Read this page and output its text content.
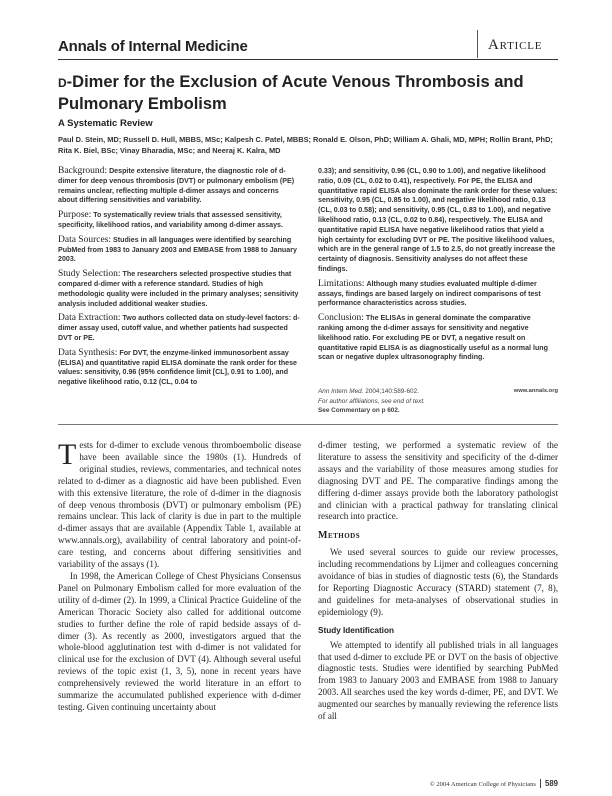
Annals of Internal Medicine	Article
d-Dimer for the Exclusion of Acute Venous Thrombosis and Pulmonary Embolism
A Systematic Review
Paul D. Stein, MD; Russell D. Hull, MBBS, MSc; Kalpesh C. Patel, MBBS; Ronald E. Olson, PhD; William A. Ghali, MD, MPH; Rollin Brant, PhD; Rita K. Biel, BSc; Vinay Bharadia, MSc; and Neeraj K. Kalra, MD

Background: Despite extensive literature, the diagnostic role of d-dimer for deep venous thrombosis (DVT) or pulmonary embolism (PE) remains unclear, reflecting multiple d-dimer assays and concerns about differing sensitivities and variability.

Purpose: To systematically review trials that assessed sensitivity, specificity, likelihood ratios, and variability among d-dimer assays.

Data Sources: Studies in all languages were identified by searching PubMed from 1983 to January 2003 and EMBASE from 1988 to January 2003.

Study Selection: The researchers selected prospective studies that compared d-dimer with a reference standard. Studies of high methodologic quality were included in the primary analyses; sensitivity analysis included additional weaker studies.

Data Extraction: Two authors collected data on study-level factors: d-dimer assay used, cutoff value, and whether patients had suspected DVT or PE.

Data Synthesis: For DVT, the enzyme-linked immunosorbent assay (ELISA) and quantitative rapid ELISA dominate the rank order for these values: sensitivity, 0.96 (95% confidence limit [CL], 0.91 to 1.00), and negative likelihood ratio, 0.12 (CL, 0.04 to

0.33); and sensitivity, 0.96 (CL, 0.90 to 1.00), and negative likelihood ratio, 0.09 (CL, 0.02 to 0.41), respectively. For PE, the ELISA and quantitative rapid ELISA also dominate the rank order for these values: sensitivity, 0.95 (CL, 0.85 to 1.00), and negative likelihood ratio, 0.13 (CL, 0.03 to 0.58); and sensitivity, 0.95 (CL, 0.83 to 1.00), and negative likelihood ratio, 0.13 (CL, 0.02 to 0.84), respectively. The ELISA and quantitative rapid ELISA have negative likelihood ratios that yield a high certainty for excluding DVT or PE. The positive likelihood values, which are in the general range of 1.5 to 2.5, do not greatly increase the certainty of diagnosis. Sensitivity analyses do not affect these findings.

Limitations: Although many studies evaluated multiple d-dimer assays, findings are based largely on indirect comparisons of test performance characteristics across studies.

Conclusion: The ELISAs in general dominate the comparative ranking among the d-dimer assays for sensitivity and negative likelihood ratio. For excluding PE or DVT, a negative result on quantitative rapid ELISA is as diagnostically useful as a normal lung scan or negative duplex ultrasonography finding.

Ann Intern Med. 2004;140:589-602.	www.annals.org
For author affiliations, see end of text.
See Commentary on p 602.

Tests for d-dimer to exclude venous thromboembolic disease have been available since the 1980s (1). Hundreds of original studies, reviews, commentaries, and technical notes related to d-dimer as a diagnostic aid have been published. Even with this extensive literature, the role of d-dimer in the diagnosis of deep venous thrombosis (DVT) or pulmonary embolism (PE) remains unclear. This lack of clarity is due in part to the multiple d-dimer assays that are available (Appendix Table 1, available at www.annals.org), availability of central laboratory and point-of-care testing, and concerns about differing sensitivities and variability of the assays (1).

In 1998, the American College of Chest Physicians Consensus Panel on Pulmonary Embolism called for more evaluation of the utility of d-dimer (2). In 1999, a Clinical Practice Guideline of the American Thoracic Society also called for additional outcome studies to further define the role of rapid bedside assays of d-dimer (3). As recently as 2000, investigators argued that the whole-blood agglutination test with d-dimer is not validated for clinical use for the exclusion of DVT (4). Although several useful reviews of the topic exist (1, 3, 5), none in recent years have comprehensively reviewed the world literature in an effort to summarize the accumulated published experience with d-dimer testing. Given continuing uncertainty about

d-dimer testing, we performed a systematic review of the literature to assess the sensitivity and specificity of the d-dimer assays and the variability of those measures among studies for diagnosing DVT and PE. The comparative findings among the differing d-dimer assays provide both the laboratory pathologist and clinician with a practical pathway for translating clinical research into practice.

Methods

We used several sources to guide our review processes, including recommendations by Lijmer and colleagues concerning avoidance of bias in studies of diagnostic tests (6), the Standards for Reporting Diagnostic Accuracy (STARD) statement (7, 8), and guidelines for meta-analyses of observational studies in epidemiology (9).

Study Identification

We attempted to identify all published trials in all languages that used d-dimer to exclude PE or DVT on the basis of objective diagnostic tests. Studies were identified by searching PubMed from 1983 to January 2003 and EMBASE from 1988 to January 2003. All searches used the key words d-dimer, PE, and DVT. We augmented our searches by manually reviewing the reference lists of all

© 2004 American College of Physicians 589
